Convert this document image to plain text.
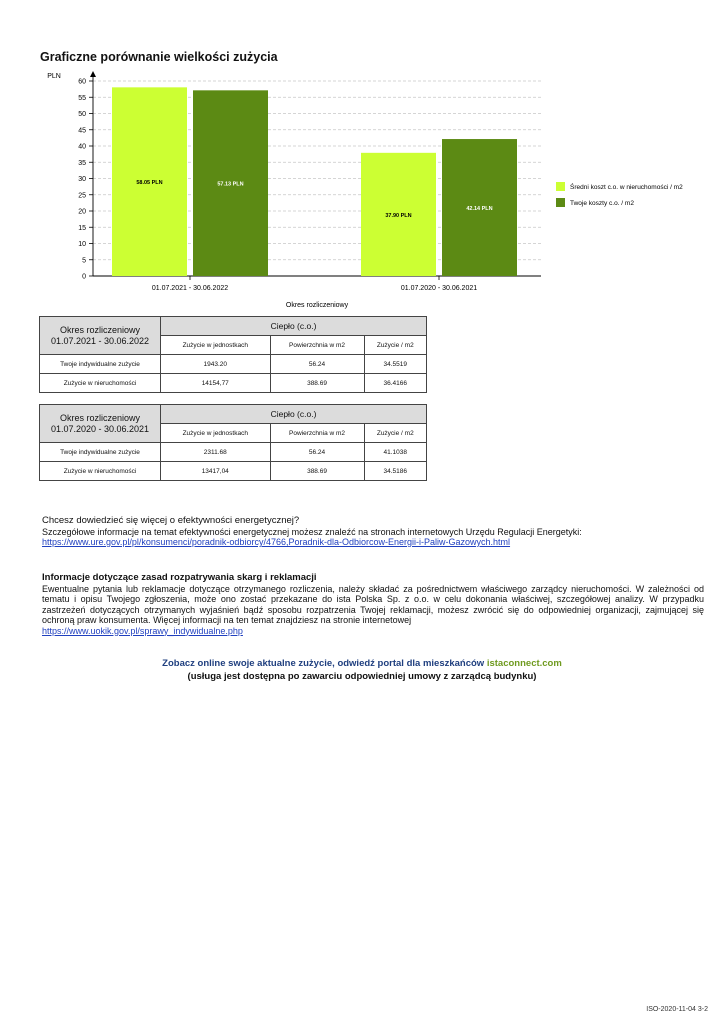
Graficzne porównanie wielkości zużycia
0
5
10
15
20
25
30
35
40
45
50
55
60
PLN
58.05 PLN	57.13 PLN
01.07.2021 - 30.06.2022
37.90 PLN
42.14 PLN
01.07.2020 - 30.06.2021
Okres rozliczeniowy
Średni koszt c.o. w nieruchomości / m2
Twoje koszty c.o. / m2
Okres rozliczeniowy
01.07.2021 - 30.06.2022	Ciepło (c.o.)		
	Zużycie w jednostkach	Powierzchnia w m2	Zużycie / m2
Twoje indywidualne zużycie	1943.20	56.24	34.5519
Zużycie w nieruchomości	14154,77	388.69	36.4166
Okres rozliczeniowy
01.07.2020 - 30.06.2021	Ciepło (c.o.)		
	Zużycie w jednostkach	Powierzchnia w m2	Zużycie / m2
Twoje indywidualne zużycie	2311.68	56.24	41.1038
Zużycie w nieruchomości	13417,04	388.69	34.5186

Chcesz dowiedzieć się więcej o efektywności energetycznej?

Szczegółowe informacje na temat efektywności energetycznej możesz znaleźć na stronach internetowych Urzędu Regulacji Energetyki:

https://www.ure.gov.pl/pl/konsumenci/poradnik-odbiorcy/4766,Poradnik-dla-Odbiorcow-Energii-i-Paliw-Gazowych.html

Informacje dotyczące zasad rozpatrywania skarg i reklamacji

Ewentualne pytania lub reklamacje dotyczące otrzymanego rozliczenia, należy składać za pośrednictwem właściwego zarządcy nieruchomości. W zależności od tematu i opisu Twojego zgłoszenia, może ono zostać przekazane do ista Polska Sp. z o.o. w celu dokonania właściwej, szczegółowej analizy. W przypadku zastrzeżeń dotyczących otrzymanych wyjaśnień bądź sposobu rozpatrzenia Twojej reklamacji, możesz zwrócić się do odpowiedniej organizacji, zajmującej się ochroną praw konsumenta. Więcej informacji na ten temat znajdziesz na stronie internetowej

https://www.uokik.gov.pl/sprawy_indywidualne.php

Zobacz online swoje aktualne zużycie, odwiedź portal dla mieszkańców istaconnect.com
(usługa jest dostępna po zawarciu odpowiedniej umowy z zarządcą budynku)
ISO-2020-11-04 3-2
